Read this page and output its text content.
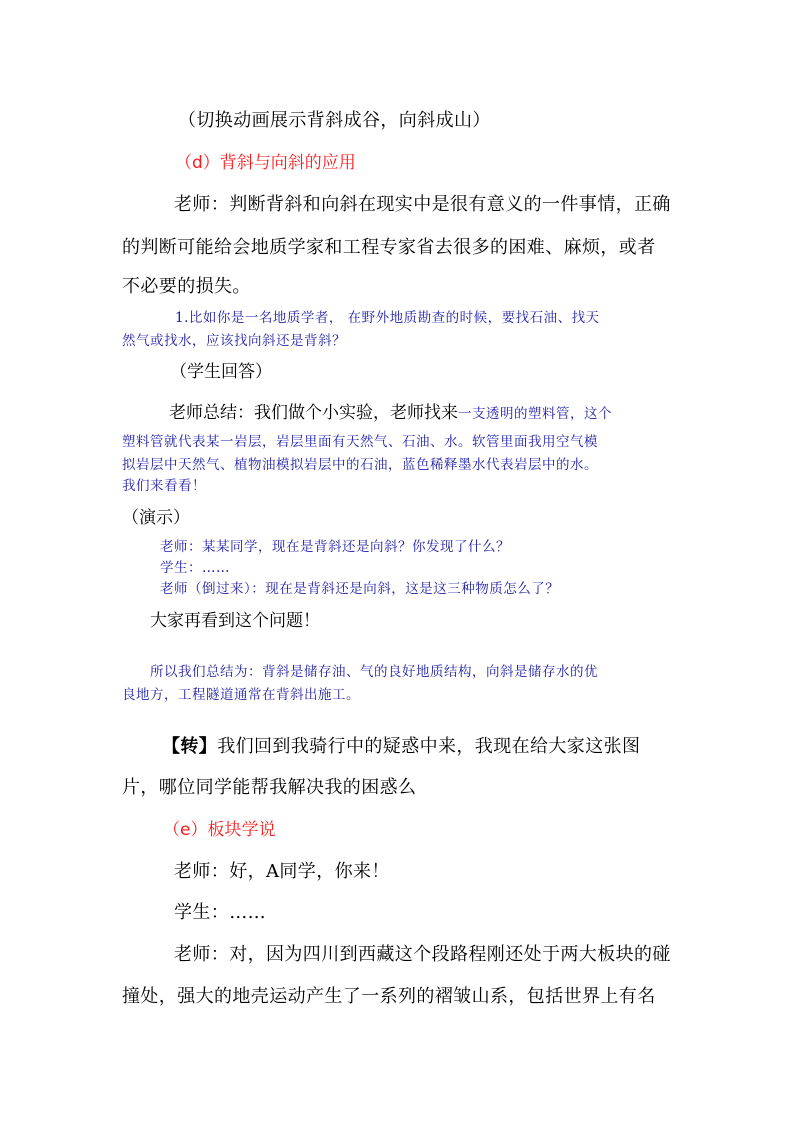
（切换动画展示背斜成谷，向斜成山）
（d）背斜与向斜的应用
老师：判断背斜和向斜在现实中是很有意义的一件事情，正确
的判断可能给会地质学家和工程专家省去很多的困难、麻烦，或者
不必要的损失。
1.比如你是一名地质学者， 在野外地质勘查的时候，要找石油、找天
然气或找水，应该找向斜还是背斜？
（学生回答）
老师总结：我们做个小实验，老师找来一支透明的塑料管，这个
塑料管就代表某一岩层，岩层里面有天然气、石油、水。软管里面我用空气模
拟岩层中天然气、植物油模拟岩层中的石油，蓝色稀释墨水代表岩层中的水。
我们来看看！
（演示）
老师：某某同学，现在是背斜还是向斜？你发现了什么？
学生：……
老师（倒过来）：现在是背斜还是向斜，这是这三种物质怎么了？
大家再看到这个问题！
所以我们总结为：背斜是储存油、气的良好地质结构，向斜是储存水的优
良地方，工程隧道通常在背斜出施工。
【转】我们回到我骑行中的疑惑中来，我现在给大家这张图
片，哪位同学能帮我解决我的困惑么
（e）板块学说
老师：好，A同学，你来！
学生：……
老师：对，因为四川到西藏这个段路程刚还处于两大板块的碰
撞处，强大的地壳运动产生了一系列的褶皱山系，包括世界上有名
